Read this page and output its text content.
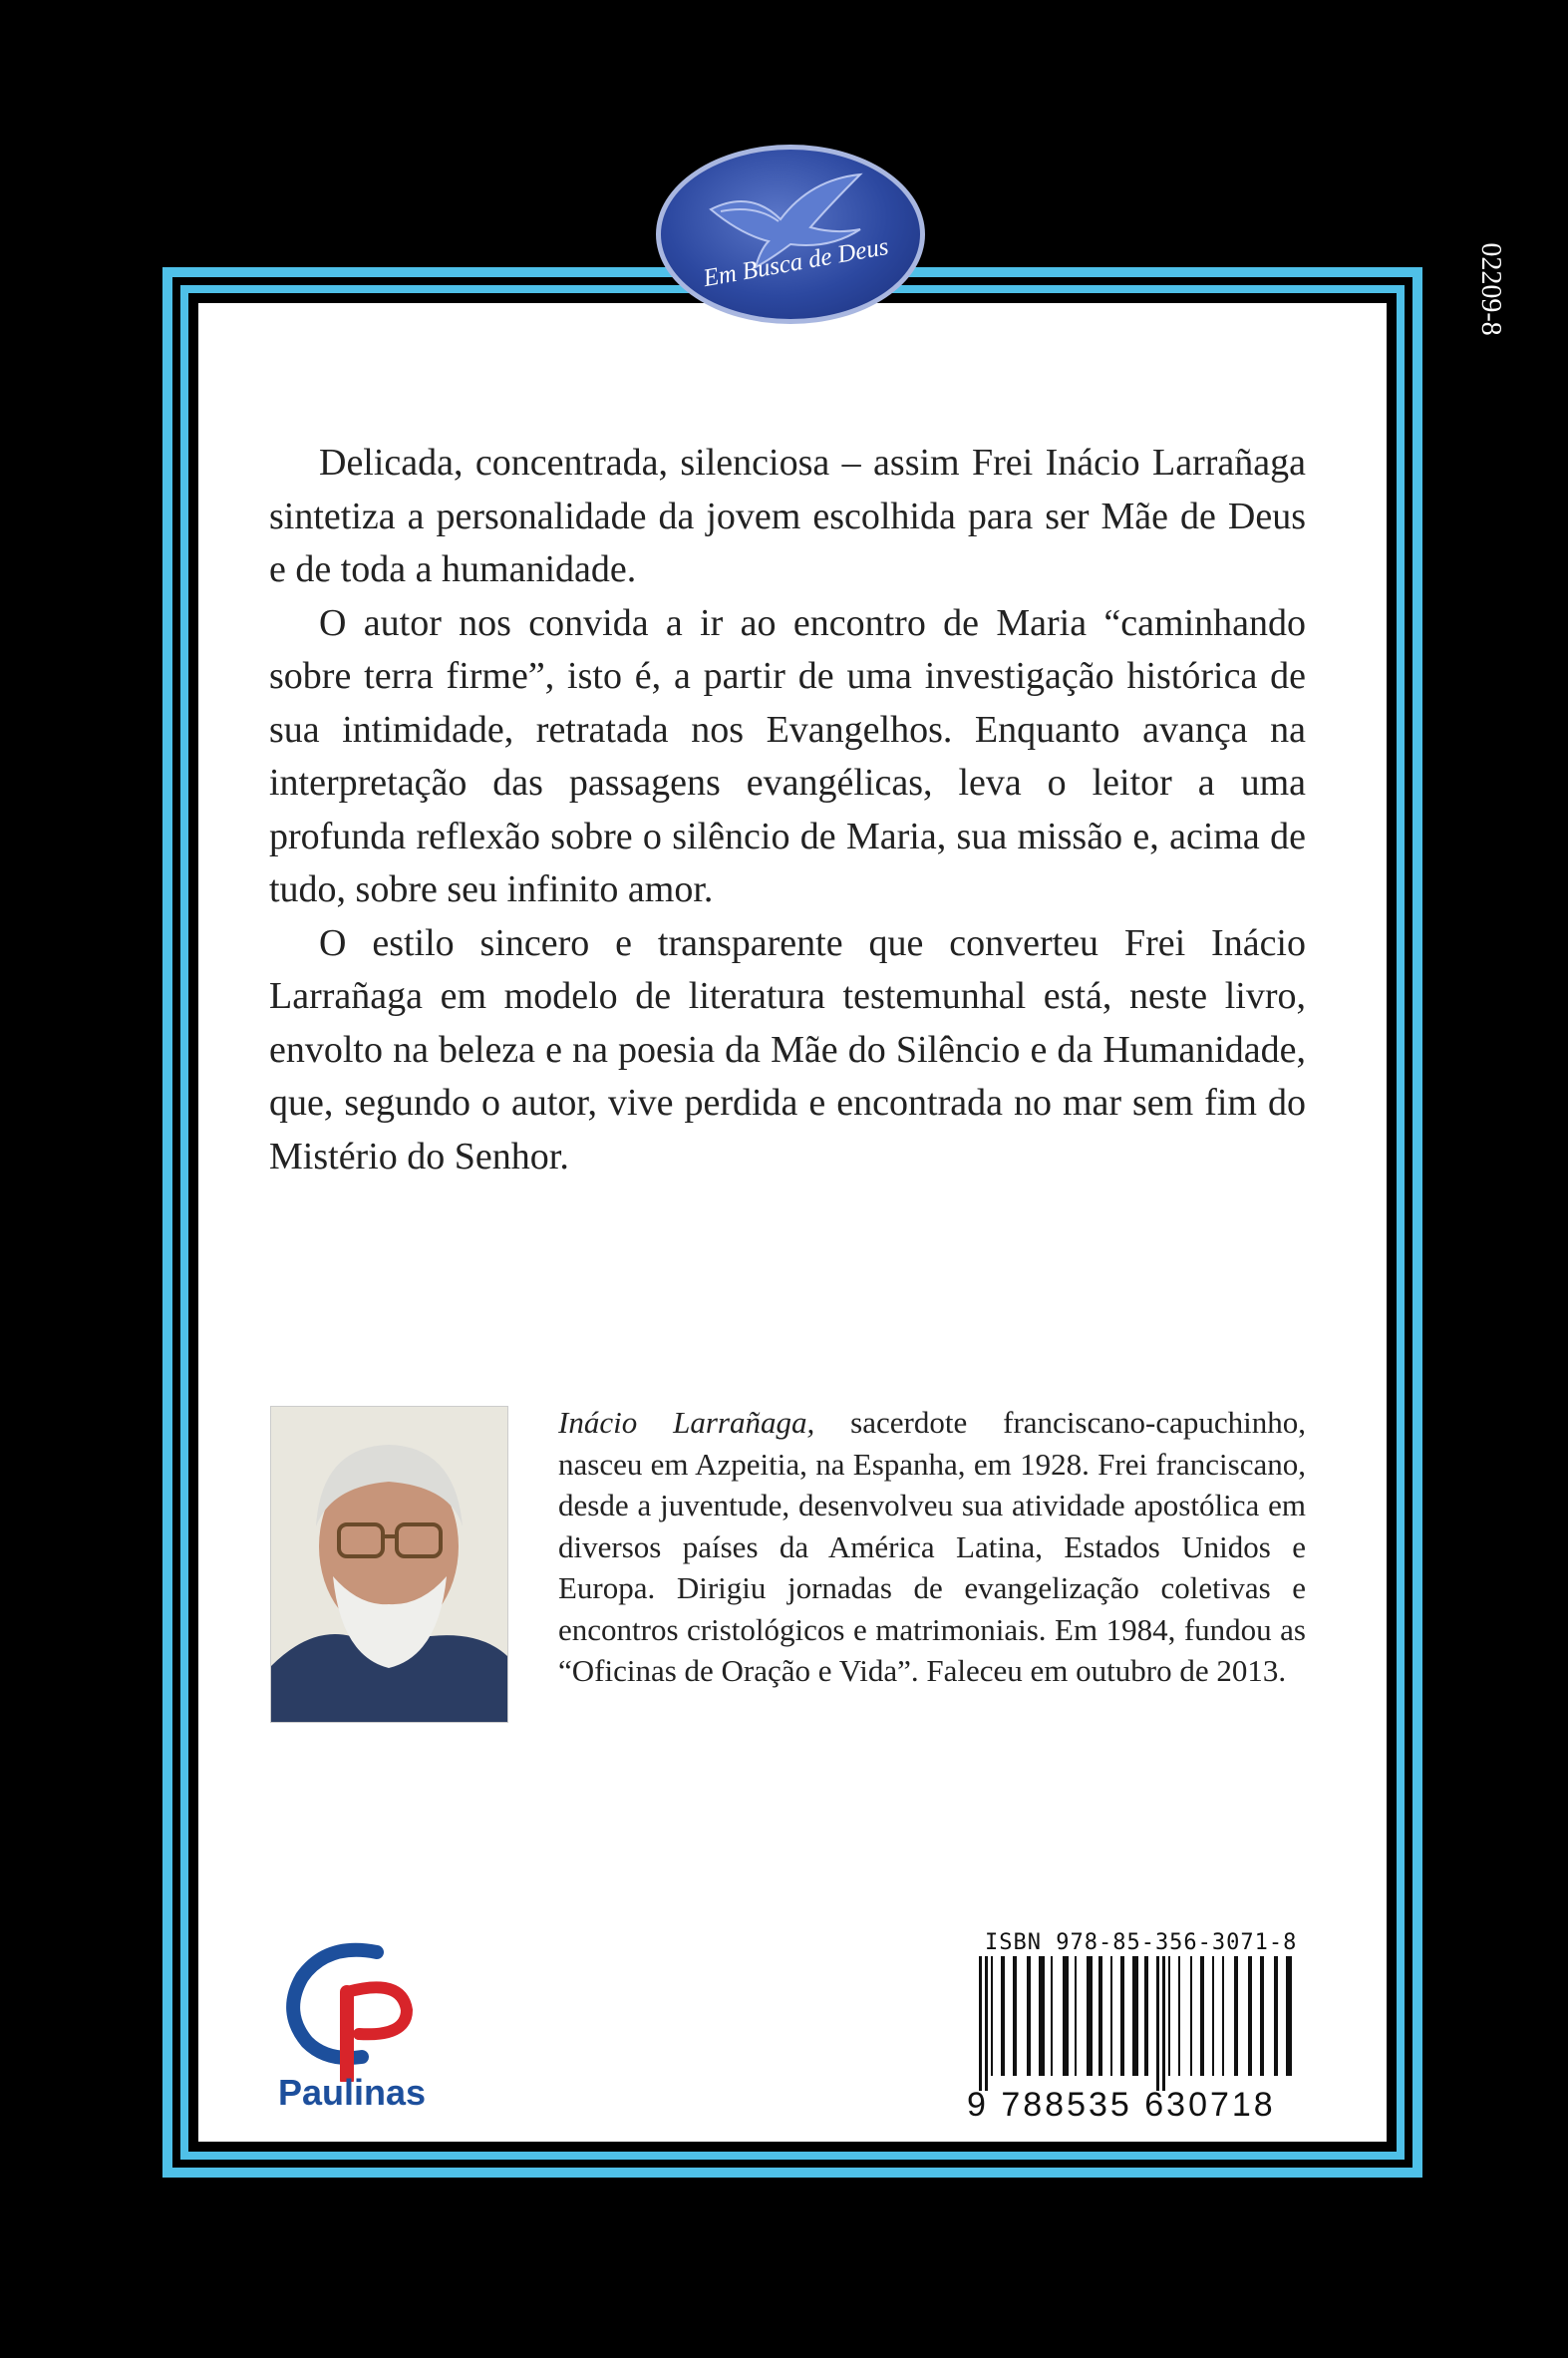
Em Busca de Deus	02209-8

Delicada, concentrada, silenciosa – assim Frei Inácio Larrañaga sintetiza a personalidade da jovem escolhida para ser Mãe de Deus e de toda a humanidade.

O autor nos convida a ir ao encontro de Maria “caminhando sobre terra firme”, isto é, a partir de uma investigação histórica de sua intimidade, retratada nos Evangelhos. Enquanto avança na interpretação das passagens evangélicas, leva o leitor a uma profunda reflexão sobre o silêncio de Maria, sua missão e, acima de tudo, sobre seu infinito amor.

O estilo sincero e transparente que converteu Frei Inácio Larrañaga em modelo de literatura testemunhal está, neste livro, envolto na beleza e na poesia da Mãe do Silêncio e da Humanidade, que, segundo o autor, vive perdida e encontrada no mar sem fim do Mistério do Senhor.

Inácio Larrañaga, sacerdote franciscano-capuchinho, nasceu em Azpeitia, na Espanha, em 1928. Frei franciscano, desde a juventude, desenvolveu sua atividade apostólica em diversos países da América Latina, Estados Unidos e Europa. Dirigiu jornadas de evangelização coletivas e encontros cristológicos e matrimoniais. Em 1984, fundou as “Oficinas de Oração e Vida”. Faleceu em outubro de 2013.

Paulinas
ISBN 978-85-356-3071-8
9 788535 630718
